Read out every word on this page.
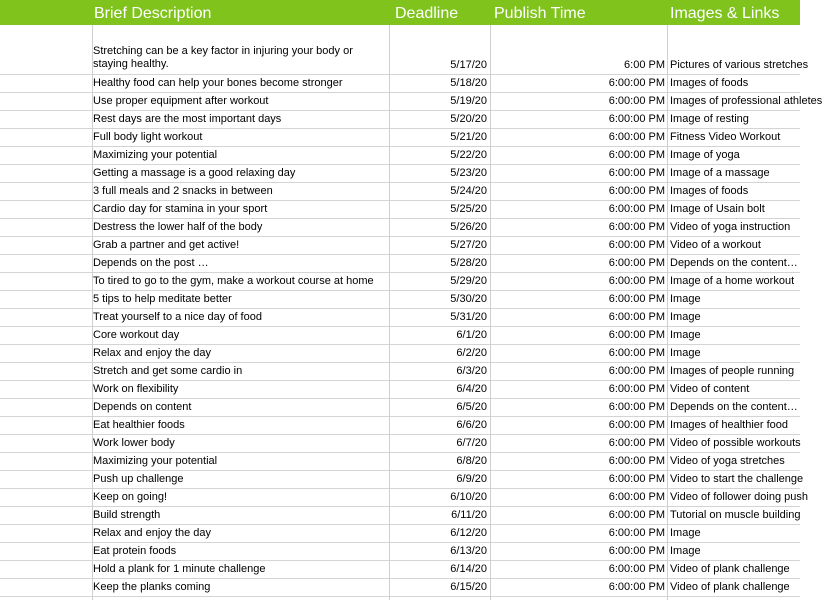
Brief Description	Deadline	Publish Time	Images & Links
Stretching can be a key factor in injuring your body or staying healthy.	5/17/20	6:00 PM Pictures of various stretches
Healthy food can help your bones become stronger	5/18/20	6:00:00 PM Images of foods
Use proper equipment after workout	5/19/20	6:00:00 PM Images of professional athletes
Rest days are the most important days	5/20/20	6:00:00 PM Image of resting
Full body light workout	5/21/20	6:00:00 PM Fitness Video Workout
Maximizing your potential	5/22/20	6:00:00 PM Image of yoga
Getting a massage is a good relaxing day	5/23/20	6:00:00 PM Image of a massage
3 full meals and 2 snacks in between	5/24/20	6:00:00 PM Images of foods
Cardio day for stamina in your sport	5/25/20	6:00:00 PM Image of Usain bolt
Destress the lower half of the body	5/26/20	6:00:00 PM Video of yoga instruction
Grab a partner and get active!	5/27/20	6:00:00 PM Video of a workout
Depends on the post …	5/28/20	6:00:00 PM Depends on the content…
To tired to go to the gym, make a workout course at home	5/29/20	6:00:00 PM Image of a home workout
5 tips to help meditate better	5/30/20	6:00:00 PM Image
Treat yourself to a nice day of food	5/31/20	6:00:00 PM Image
Core workout day	6/1/20	6:00:00 PM Image
Relax and enjoy the day	6/2/20	6:00:00 PM Image
Stretch and get some cardio in	6/3/20	6:00:00 PM Images of people running
Work on flexibility	6/4/20	6:00:00 PM Video of content
Depends on content	6/5/20	6:00:00 PM Depends on the content…
Eat healthier foods	6/6/20	6:00:00 PM Images of healthier food
Work lower body	6/7/20	6:00:00 PM Video of possible workouts
Maximizing your potential	6/8/20	6:00:00 PM Video of yoga stretches
Push up challenge	6/9/20	6:00:00 PM Video to start the challenge
Keep on going!	6/10/20	6:00:00 PM Video of follower doing push
Build strength	6/11/20	6:00:00 PM Tutorial on muscle building
Relax and enjoy the day	6/12/20	6:00:00 PM Image
Eat protein foods	6/13/20	6:00:00 PM Image
Hold a plank for 1 minute challenge	6/14/20	6:00:00 PM Video of plank challenge
Keep the planks coming	6/15/20	6:00:00 PM Video of plank challenge
